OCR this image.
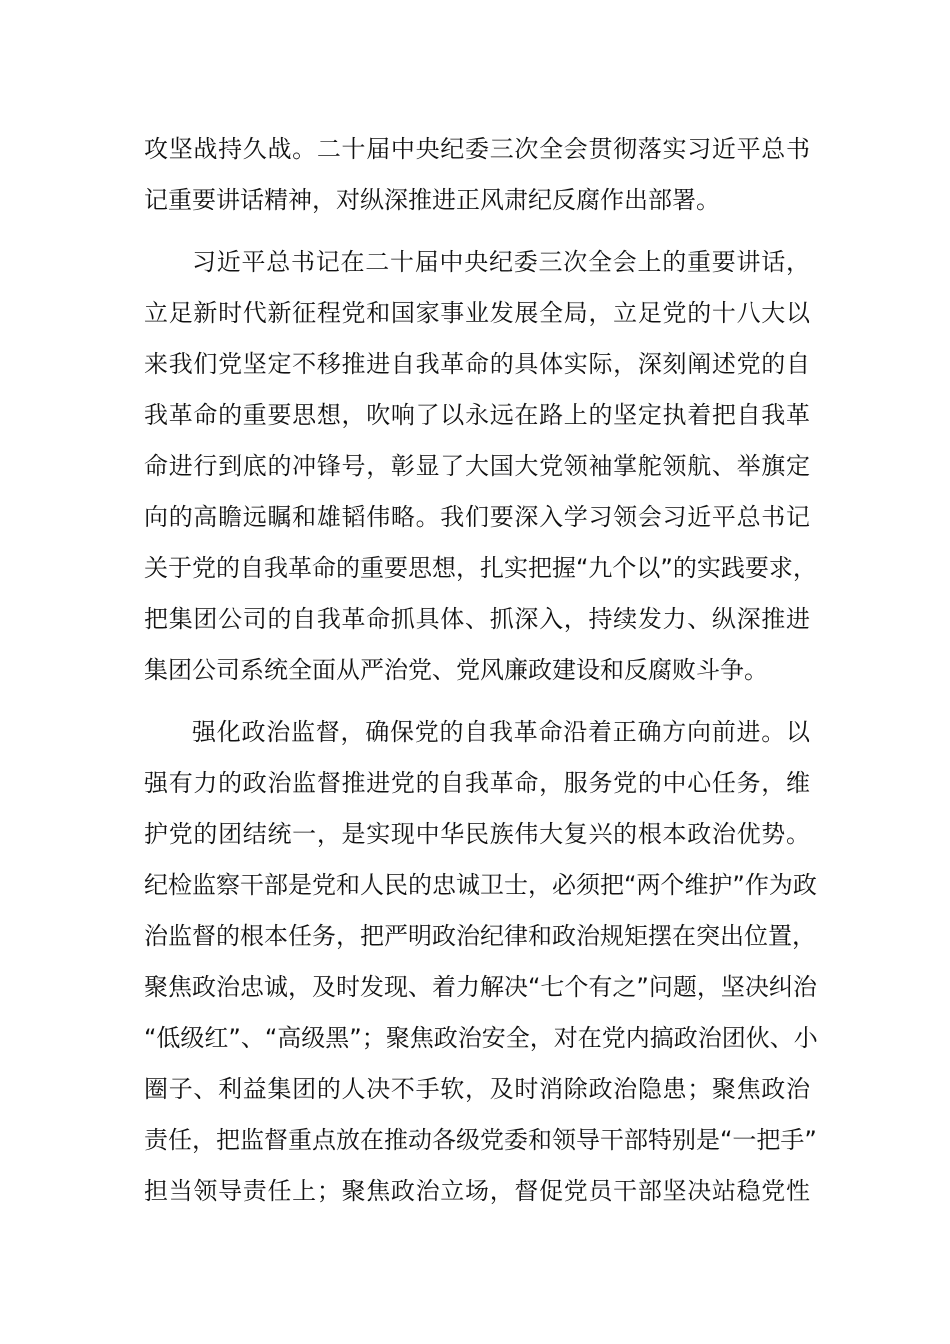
攻坚战持久战。二十届中央纪委三次全会贯彻落实习近平总书
记重要讲话精神，对纵深推进正风肃纪反腐作出部署。
习近平总书记在二十届中央纪委三次全会上的重要讲话，
立足新时代新征程党和国家事业发展全局，立足党的十八大以
来我们党坚定不移推进自我革命的具体实际，深刻阐述党的自
我革命的重要思想，吹响了以永远在路上的坚定执着把自我革
命进行到底的冲锋号，彰显了大国大党领袖掌舵领航、举旗定
向的高瞻远瞩和雄韬伟略。我们要深入学习领会习近平总书记
关于党的自我革命的重要思想，扎实把握“九个以”的实践要求，
把集团公司的自我革命抓具体、抓深入，持续发力、纵深推进
集团公司系统全面从严治党、党风廉政建设和反腐败斗争。
强化政治监督，确保党的自我革命沿着正确方向前进。以
强有力的政治监督推进党的自我革命，服务党的中心任务，维
护党的团结统一，是实现中华民族伟大复兴的根本政治优势。
纪检监察干部是党和人民的忠诚卫士，必须把“两个维护”作为政
治监督的根本任务，把严明政治纪律和政治规矩摆在突出位置，
聚焦政治忠诚，及时发现、着力解决“七个有之”问题，坚决纠治
“低级红”、“高级黑”；聚焦政治安全，对在党内搞政治团伙、小
圈子、利益集团的人决不手软，及时消除政治隐患；聚焦政治
责任，把监督重点放在推动各级党委和领导干部特别是“一把手”
担当领导责任上；聚焦政治立场，督促党员干部坚决站稳党性
